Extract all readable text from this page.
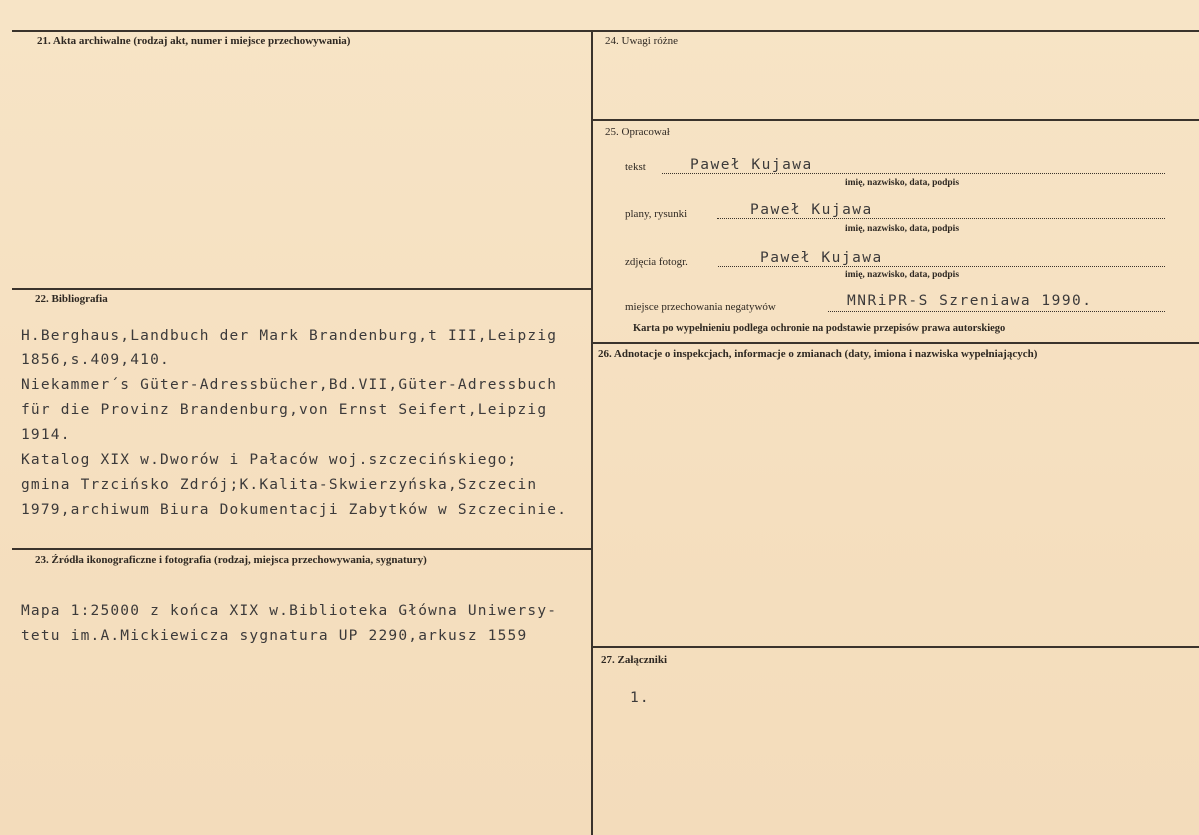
21. Akta archiwalne (rodzaj akt, numer i miejsce przechowywania)
22. Bibliografia
H.Berghaus,Landbuch der Mark Brandenburg,t III,Leipzig
1856,s.409,410.
Niekammer´s Güter-Adressbücher,Bd.VII,Güter-Adressbuch
für die Provinz Brandenburg,von Ernst Seifert,Leipzig
1914.
Katalog XIX w.Dworów i Pałaców woj.szczecińskiego;
gmina Trzcińsko Zdrój;K.Kalita-Skwierzyńska,Szczecin
1979,archiwum Biura Dokumentacji Zabytków w Szczecinie.
23. Źródła ikonograficzne i fotografia (rodzaj, miejsca przechowywania, sygnatury)
Mapa 1:25000 z końca XIX w.Biblioteka Główna Uniwersy-
tetu im.A.Mickiewicza sygnatura UP 2290,arkusz 1559
24. Uwagi różne
25. Opracował
tekst	Paweł Kujawa
imię, nazwisko, data, podpis
plany, rysunki	Paweł Kujawa
imię, nazwisko, data, podpis
zdjęcia fotogr.	Paweł Kujawa
imię, nazwisko, data, podpis
miejsce przechowania negatywów	MNRiPR-S Szreniawa 1990.
Karta po wypełnieniu podlega ochronie na podstawie przepisów prawa autorskiego
26. Adnotacje o inspekcjach, informacje o zmianach (daty, imiona i nazwiska wypełniających)
27. Załączniki
1.
